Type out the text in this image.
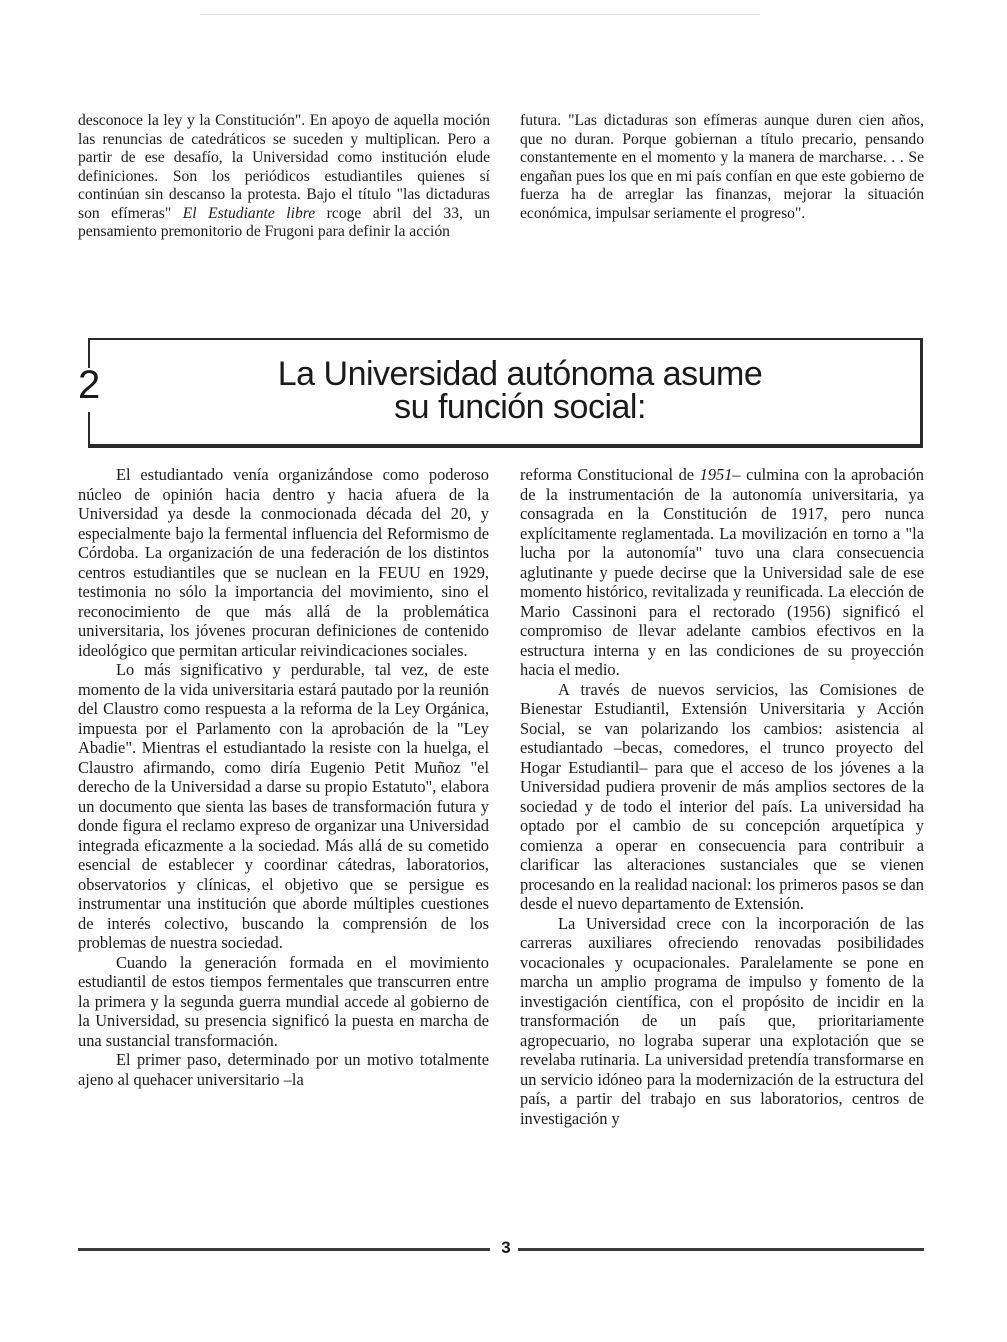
desconoce la ley y la Constitución". En apoyo de aquella moción las renuncias de catedráticos se suceden y multiplican. Pero a partir de ese desafío, la Universidad como institución elude definiciones. Son los periódicos estudiantiles quienes sí continúan sin descanso la protesta. Bajo el título "las dictaduras son efímeras" El Estudiante libre rcoge abril del 33, un pensamiento premonitorio de Frugoni para definir la acción

futura. "Las dictaduras son efímeras aunque duren cien años, que no duran. Porque gobiernan a título precario, pensando constantemente en el momento y la manera de marcharse. . . Se engañan pues los que en mi país confían en que este gobierno de fuerza ha de arreglar las finanzas, mejorar la situación económica, impulsar seriamente el progreso".

2	La Universidad autónoma asume
su función social:

El estudiantado venía organizándose como poderoso núcleo de opinión hacia dentro y hacia afuera de la Universidad ya desde la conmocionada década del 20, y especialmente bajo la fermental influencia del Reformismo de Córdoba. La organización de una federación de los distintos centros estudiantiles que se nuclean en la FEUU en 1929, testimonia no sólo la importancia del movimiento, sino el reconocimiento de que más allá de la problemática universitaria, los jóvenes procuran definiciones de contenido ideológico que permitan articular reivindicaciones sociales.

Lo más significativo y perdurable, tal vez, de este momento de la vida universitaria estará pautado por la reunión del Claustro como respuesta a la reforma de la Ley Orgánica, impuesta por el Parlamento con la aprobación de la "Ley Abadie". Mientras el estudiantado la resiste con la huelga, el Claustro afirmando, como diría Eugenio Petit Muñoz "el derecho de la Universidad a darse su propio Estatuto", elabora un documento que sienta las bases de transformación futura y donde figura el reclamo expreso de organizar una Universidad integrada eficazmente a la sociedad. Más allá de su cometido esencial de establecer y coordinar cátedras, laboratorios, observatorios y clínicas, el objetivo que se persigue es instrumentar una institución que aborde múltiples cuestiones de interés colectivo, buscando la comprensión de los problemas de nuestra sociedad.

Cuando la generación formada en el movimiento estudiantil de estos tiempos fermentales que transcurren entre la primera y la segunda guerra mundial accede al gobierno de la Universidad, su presencia significó la puesta en marcha de una sustancial transformación.

El primer paso, determinado por un motivo totalmente ajeno al quehacer universitario –la

reforma Constitucional de 1951– culmina con la aprobación de la instrumentación de la autonomía universitaria, ya consagrada en la Constitución de 1917, pero nunca explícitamente reglamentada. La movilización en torno a "la lucha por la autonomía" tuvo una clara consecuencia aglutinante y puede decirse que la Universidad sale de ese momento histórico, revitalizada y reunificada. La elección de Mario Cassinoni para el rectorado (1956) significó el compromiso de llevar adelante cambios efectivos en la estructura interna y en las condiciones de su proyección hacia el medio.

A través de nuevos servicios, las Comisiones de Bienestar Estudiantil, Extensión Universitaria y Acción Social, se van polarizando los cambios: asistencia al estudiantado –becas, comedores, el trunco proyecto del Hogar Estudiantil– para que el acceso de los jóvenes a la Universidad pudiera provenir de más amplios sectores de la sociedad y de todo el interior del país. La universidad ha optado por el cambio de su concepción arquetípica y comienza a operar en consecuencia para contribuir a clarificar las alteraciones sustanciales que se vienen procesando en la realidad nacional: los primeros pasos se dan desde el nuevo departamento de Extensión.

La Universidad crece con la incorporación de las carreras auxiliares ofreciendo renovadas posibilidades vocacionales y ocupacionales. Paralelamente se pone en marcha un amplio programa de impulso y fomento de la investigación científica, con el propósito de incidir en la transformación de un país que, prioritariamente agropecuario, no lograba superar una explotación que se revelaba rutinaria. La universidad pretendía transformarse en un servicio idóneo para la modernización de la estructura del país, a partir del trabajo en sus laboratorios, centros de investigación y

3
